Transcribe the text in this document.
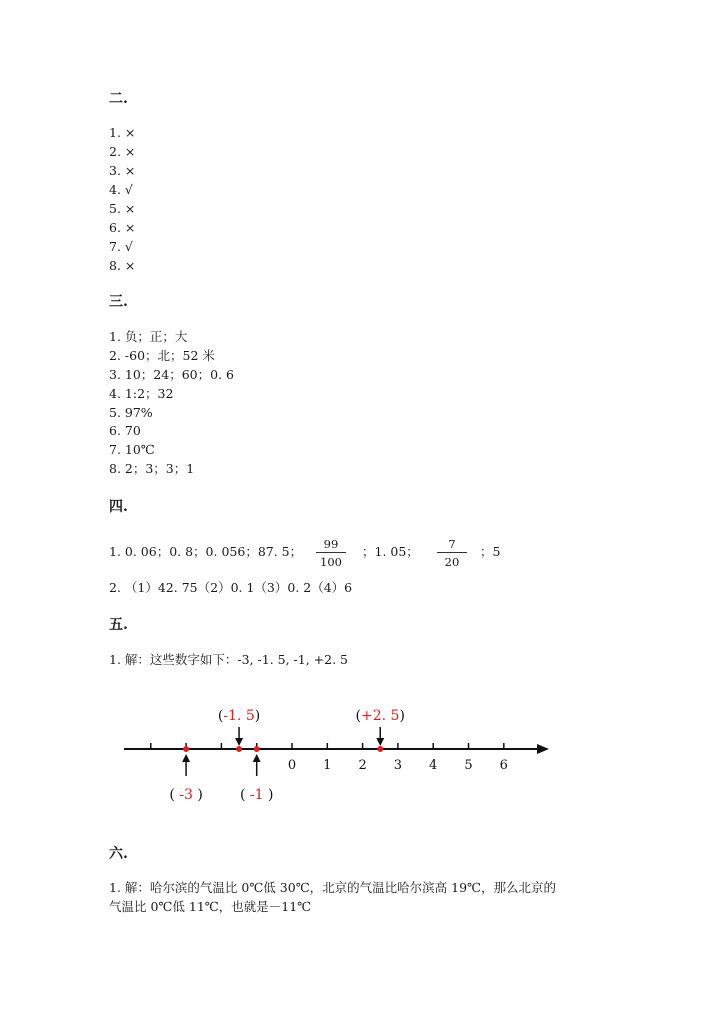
二.
1. ×
2. ×
3. ×
4. √
5. ×
6. ×
7. √
8. ×
三.
1. 负；正；大
2. -60；北；52 米
3. 10；24；60；0. 6
4. 1:2；32
5. 97%
6. 70
7. 10℃
8. 2；3；3；1
四.
1. 0. 06；0. 8；0. 056；87. 5；	99
100
；1. 05；	7
20
；5
2. （1）42. 75（2）0. 1（3）0. 2（4）6
五.
1. 解：这些数字如下：-3, -1. 5, -1, +2. 5
0 1 2 3 4 5 6
(-1. 5)	(+2. 5)
( -3 )	( -1 )
六.
1. 解：哈尔滨的气温比 0℃低 30℃，北京的气温比哈尔滨高 19℃，那么北京的
气温比 0℃低 11℃，也就是－11℃
